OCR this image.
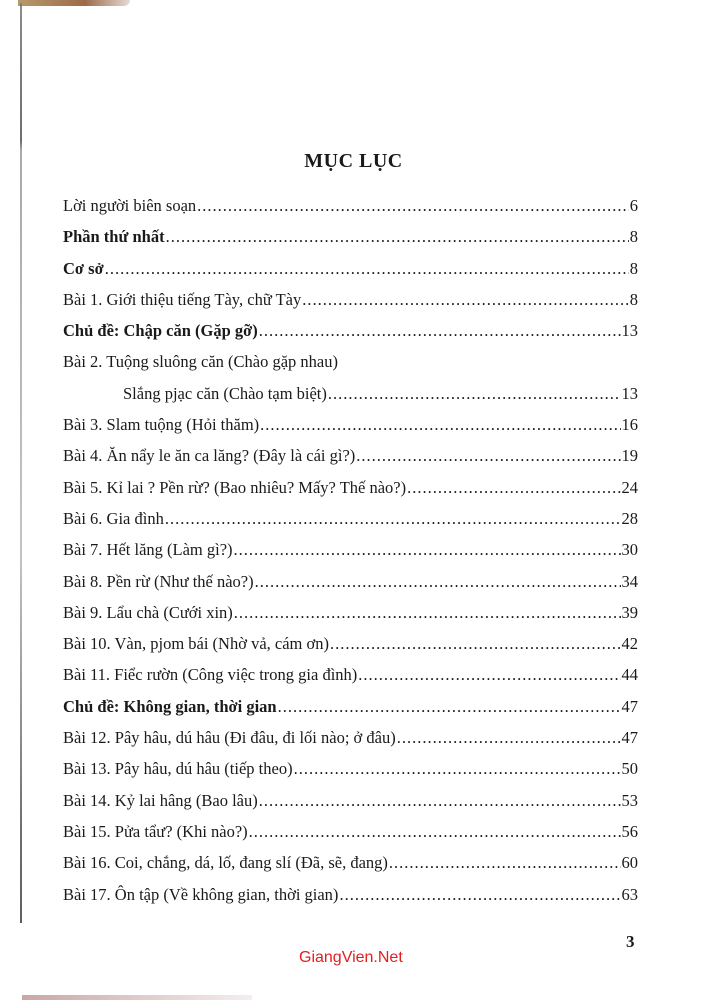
MỤC LỤC
Lời người biên soạn .....	6
Phần thứ nhất .....	8
Cơ sở .....	8
Bài 1. Giới thiệu tiếng Tày, chữ Tày .....	8
Chủ đề: Chập căn (Gặp gỡ) .....	13
Bài 2. Tuộng sluông căn (Chào gặp nhau)
Slắng pjạc căn (Chào tạm biệt) .....	13
Bài 3. Slam tuộng (Hỏi thăm) .....	16
Bài 4. Ăn nẩy le ăn ca lăng? (Đây là cái gì?) .....	19
Bài 5. Kỉ lai ? Pền rừ? (Bao nhiêu? Mấy? Thế nào?) .....	24
Bài 6. Gia đình .....	28
Bài 7. Hết lăng (Làm gì?) .....	30
Bài 8. Pền rừ (Như thế nào?) .....	34
Bài 9. Lẩu chà (Cưới xin) .....	39
Bài 10. Vàn, pjom bái (Nhờ vả, cám ơn) .....	42
Bài 11. Fiểc rườn (Công việc trong gia đình) .....	44
Chủ đề: Không gian, thời gian .....	47
Bài 12. Pây hâu, dú hâu (Đi đâu, đi lối nào; ở đâu) .....	47
Bài 13. Pây hâu, dú hâu (tiếp theo) .....	50
Bài 14. Kỷ lai hâng (Bao lâu) .....	53
Bài 15. Pửa tẩư? (Khi nào?) .....	56
Bài 16. Coi, chắng, dá, lố, đang slí (Đã, sẽ, đang) .....	60
Bài 17. Ôn tập (Về không gian, thời gian) .....	63
3
GiangVien.Net
